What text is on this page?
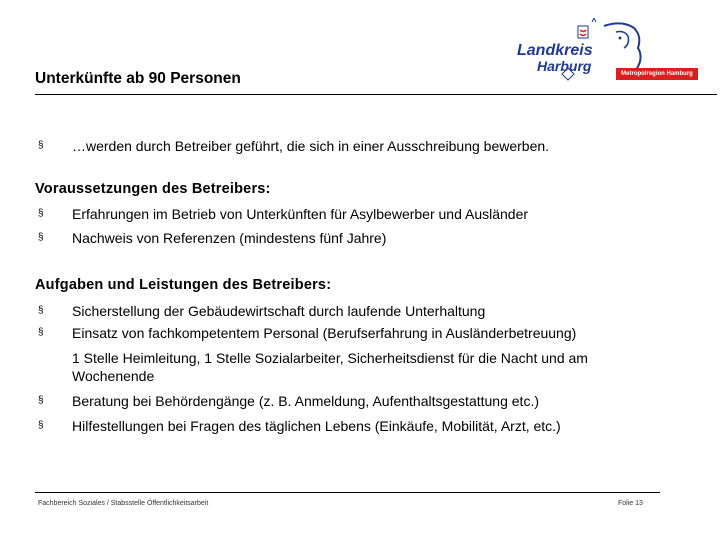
Unterkünfte ab 90 Personen
Landkreis
Harburg	Metropolregion Hamburg
§ …werden durch Betreiber geführt, die sich in einer Ausschreibung bewerben.
Voraussetzungen des Betreibers:
§ Erfahrungen im Betrieb von Unterkünften für Asylbewerber und Ausländer
§ Nachweis von Referenzen (mindestens fünf Jahre)
Aufgaben und Leistungen des Betreibers:
§ Sicherstellung der Gebäudewirtschaft durch laufende Unterhaltung
§ Einsatz von fachkompetentem Personal (Berufserfahrung in Ausländerbetreuung)
1 Stelle Heimleitung, 1 Stelle Sozialarbeiter, Sicherheitsdienst für die Nacht und am
Wochenende
§ Beratung bei Behördengänge (z. B. Anmeldung, Aufenthaltsgestattung etc.)
§ Hilfestellungen bei Fragen des täglichen Lebens (Einkäufe, Mobilität, Arzt, etc.)
Fachbereich Soziales / Stabsstelle Öffentlichkeitsarbeit	Folie 13
